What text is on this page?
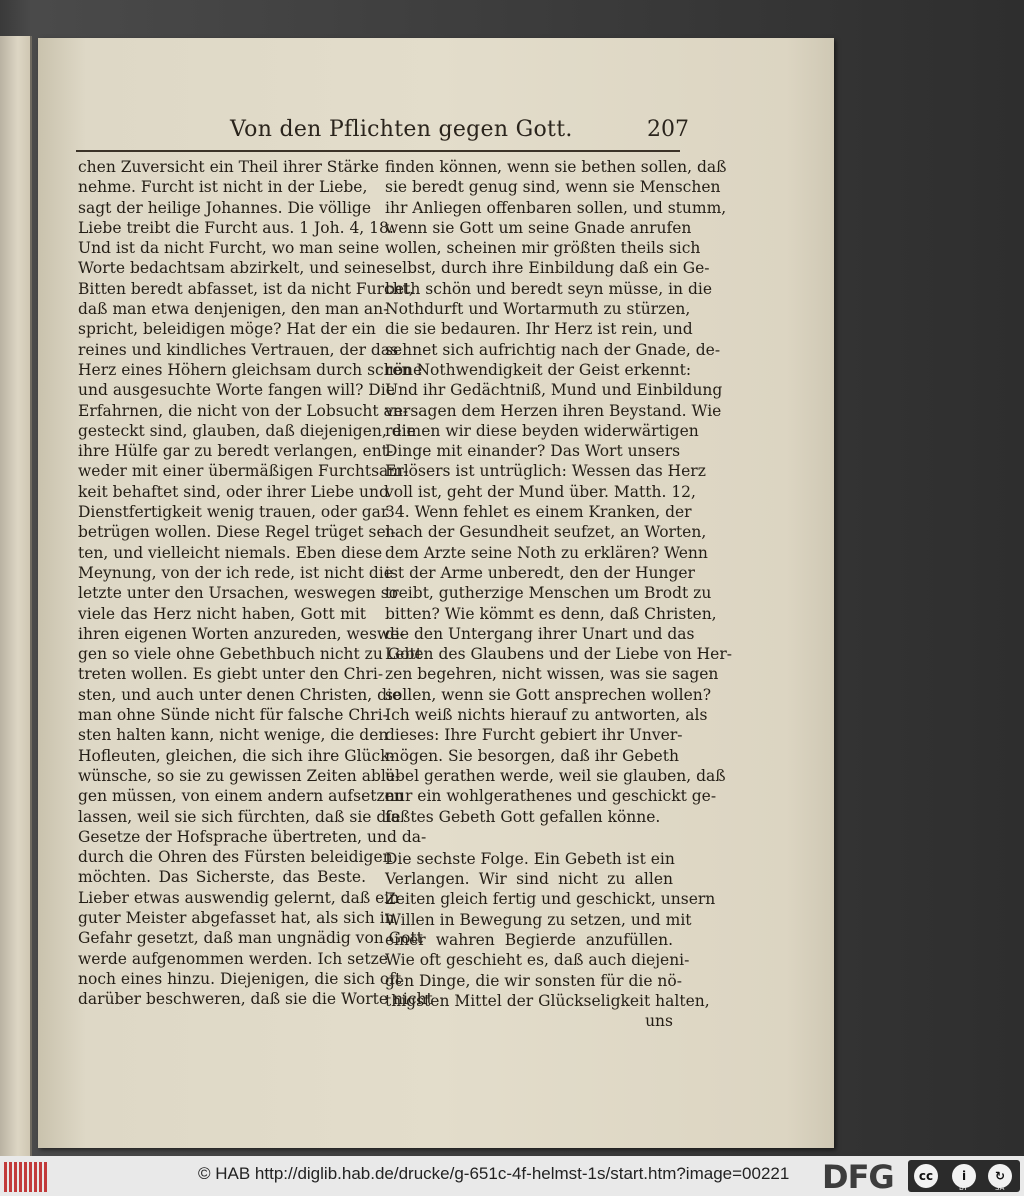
Von den Pflichten gegen Gott.	207
chen Zuversicht ein Theil ihrer Stärke
nehme. Furcht ist nicht in der Liebe,
sagt der heilige Johannes. Die völlige
Liebe treibt die Furcht aus. 1 Joh. 4, 18.
Und ist da nicht Furcht, wo man seine
Worte bedachtsam abzirkelt, und seine
Bitten beredt abfasset, ist da nicht Furcht,
daß man etwa denjenigen, den man an-
spricht, beleidigen möge? Hat der ein
reines und kindliches Vertrauen, der das
Herz eines Höhern gleichsam durch schöne
und ausgesuchte Worte fangen will? Die
Erfahrnen, die nicht von der Lobsucht an-
gesteckt sind, glauben, daß diejenigen, die
ihre Hülfe gar zu beredt verlangen, ent-
weder mit einer übermäßigen Furchtsam-
keit behaftet sind, oder ihrer Liebe und
Dienstfertigkeit wenig trauen, oder gar
betrügen wollen. Diese Regel trüget sel-
ten, und vielleicht niemals. Eben diese
Meynung, von der ich rede, ist nicht die
letzte unter den Ursachen, weswegen so
viele das Herz nicht haben, Gott mit
ihren eigenen Worten anzureden, weswe-
gen so viele ohne Gebethbuch nicht zu Gott
treten wollen. Es giebt unter den Chri-
sten, und auch unter denen Christen, die
man ohne Sünde nicht für falsche Chri-
sten halten kann, nicht wenige, die den
Hofleuten, gleichen, die sich ihre Glück-
wünsche, so sie zu gewissen Zeiten able-
gen müssen, von einem andern aufsetzen
lassen, weil sie sich fürchten, daß sie die
Gesetze der Hofsprache übertreten, und da-
durch die Ohren des Fürsten beleidigen
möchten. Das Sicherste, das Beste.
Lieber etwas auswendig gelernt, daß ein
guter Meister abgefasset hat, als sich in
Gefahr gesetzt, daß man ungnädig von Gott
werde aufgenommen werden. Ich setze
noch eines hinzu. Diejenigen, die sich oft
darüber beschweren, daß sie die Worte nicht
finden können, wenn sie bethen sollen, daß
sie beredt genug sind, wenn sie Menschen
ihr Anliegen offenbaren sollen, und stumm,
wenn sie Gott um seine Gnade anrufen
wollen, scheinen mir größten theils sich
selbst, durch ihre Einbildung daß ein Ge-
beth schön und beredt seyn müsse, in die
Nothdurft und Wortarmuth zu stürzen,
die sie bedauren. Ihr Herz ist rein, und
sehnet sich aufrichtig nach der Gnade, de-
ren Nothwendigkeit der Geist erkennt:
Und ihr Gedächtniß, Mund und Einbildung
versagen dem Herzen ihren Beystand. Wie
reimen wir diese beyden widerwärtigen
Dinge mit einander? Das Wort unsers
Erlösers ist untrüglich: Wessen das Herz
voll ist, geht der Mund über. Matth. 12,
34. Wenn fehlet es einem Kranken, der
nach der Gesundheit seufzet, an Worten,
dem Arzte seine Noth zu erklären? Wenn
ist der Arme unberedt, den der Hunger
treibt, gutherzige Menschen um Brodt zu
bitten? Wie kömmt es denn, daß Christen,
die den Untergang ihrer Unart und das
Leben des Glaubens und der Liebe von Her-
zen begehren, nicht wissen, was sie sagen
sollen, wenn sie Gott ansprechen wollen?
Ich weiß nichts hierauf zu antworten, als
dieses: Ihre Furcht gebiert ihr Unver-
mögen. Sie besorgen, daß ihr Gebeth
übel gerathen werde, weil sie glauben, daß
nur ein wohlgerathenes und geschickt ge-
faßtes Gebeth Gott gefallen könne.
Die sechste Folge. Ein Gebeth ist ein
Verlangen. Wir sind nicht zu allen
Zeiten gleich fertig und geschickt, unsern
Willen in Bewegung zu setzen, und mit
einer wahren Begierde anzufüllen.
Wie oft geschieht es, daß auch diejeni-
gen Dinge, die wir sonsten für die nö-
thigsten Mittel der Glückseligkeit halten,
uns
© HAB http://diglib.hab.de/drucke/g-651c-4f-helmst-1s/start.htm?image=00221 DFG	cc	i	↻
BY	SA
